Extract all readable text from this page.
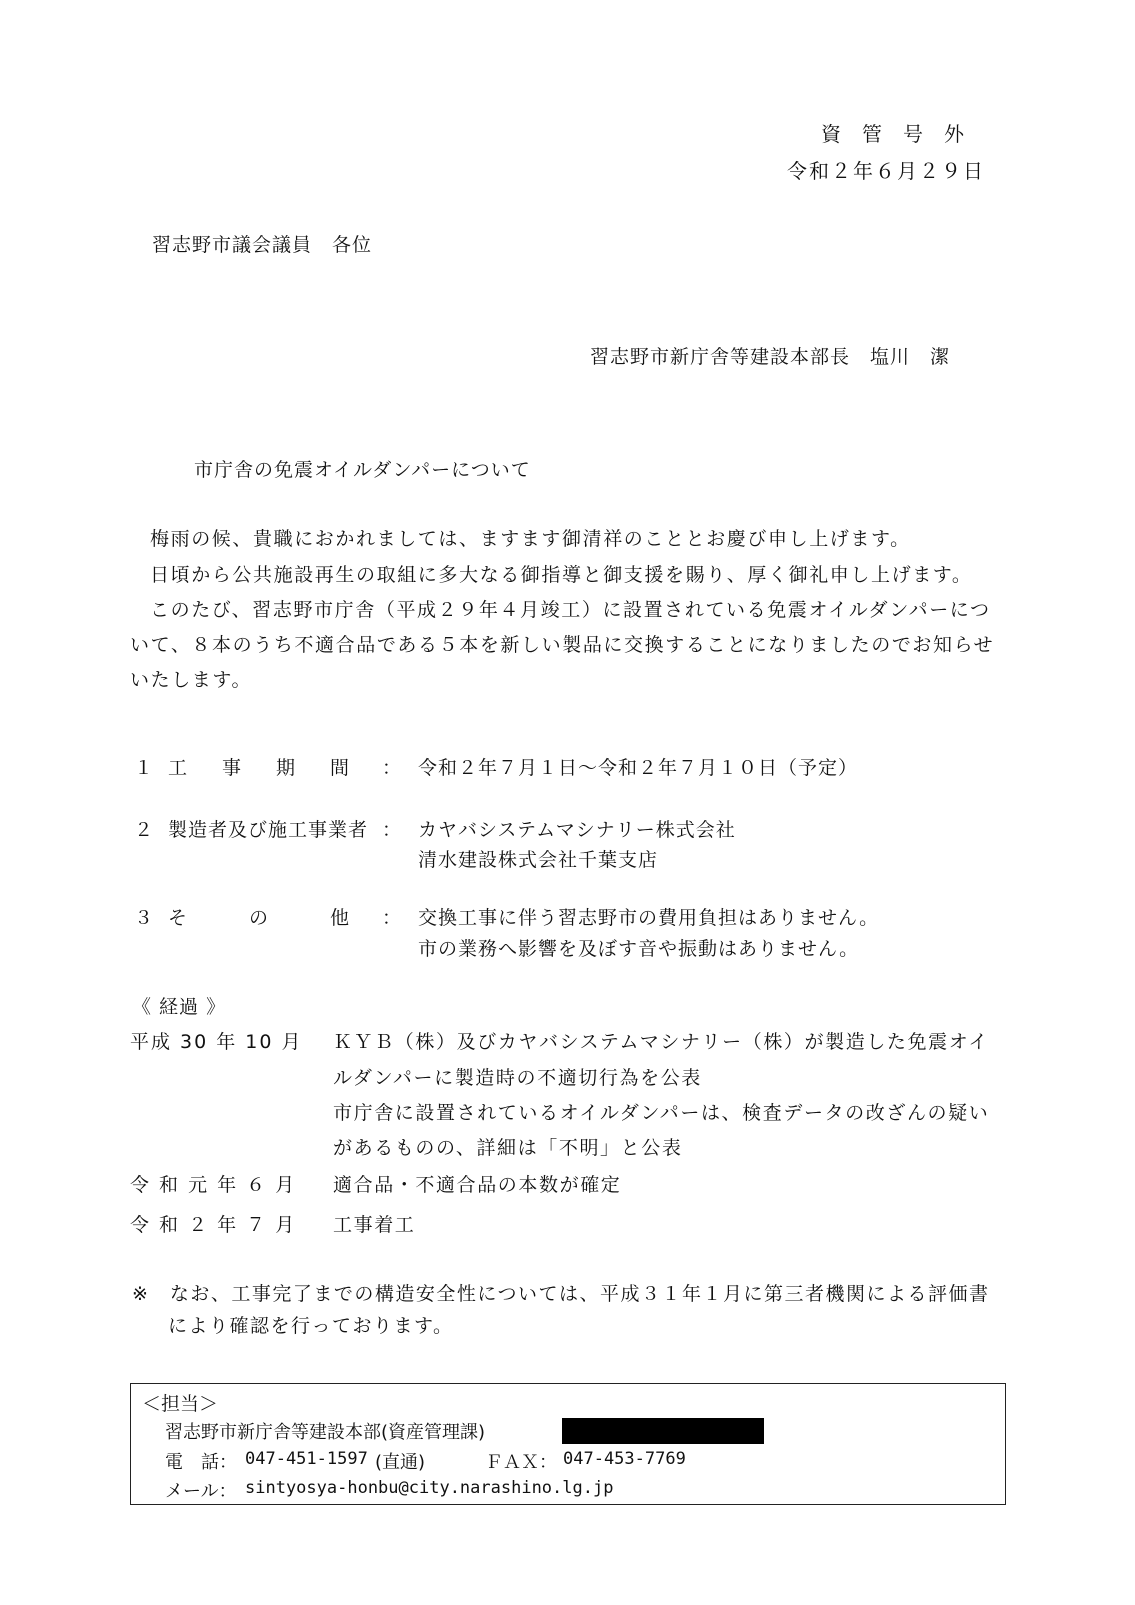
資管号外
令和２年６月２９日
習志野市議会議員　各位
習志野市新庁舎等建設本部長　塩川　潔
市庁舎の免震オイルダンパーについて
梅雨の候、貴職におかれましては、ますます御清祥のこととお慶び申し上げます。
日頃から公共施設再生の取組に多大なる御指導と御支援を賜り、厚く御礼申し上げます。
このたび、習志野市庁舎（平成２９年４月竣工）に設置されている免震オイルダンパーにつ
いて、８本のうち不適合品である５本を新しい製品に交換することになりましたのでお知らせ
いたします。
１ 工　事　期　間 ： 令和２年７月１日～令和２年７月１０日（予定）
２ 製造者及び施工事業者 ： カヤバシステムマシナリー株式会社
清水建設株式会社千葉支店
３ そ　　の　　他 ： 交換工事に伴う習志野市の費用負担はありません。
市の業務へ影響を及ぼす音や振動はありません。
《 経過 》
平成 30 年 10 月 ＫＹＢ（株）及びカヤバシステムマシナリー（株）が製造した免震オイ
ルダンパーに製造時の不適切行為を公表
市庁舎に設置されているオイルダンパーは、検査データの改ざんの疑い
があるものの、詳細は「不明」と公表
令 和 元 年 ６ 月 適合品・不適合品の本数が確定
令 和 ２ 年 ７ 月 工事着工
※　なお、工事完了までの構造安全性については、平成３１年１月に第三者機関による評価書
により確認を行っております。
＜担当＞
習志野市新庁舎等建設本部(資産管理課)
電　話： 047-451-1597 (直通)	ＦＡＸ： 047-453-7769
メール： sintyosya-honbu@city.narashino.lg.jp
